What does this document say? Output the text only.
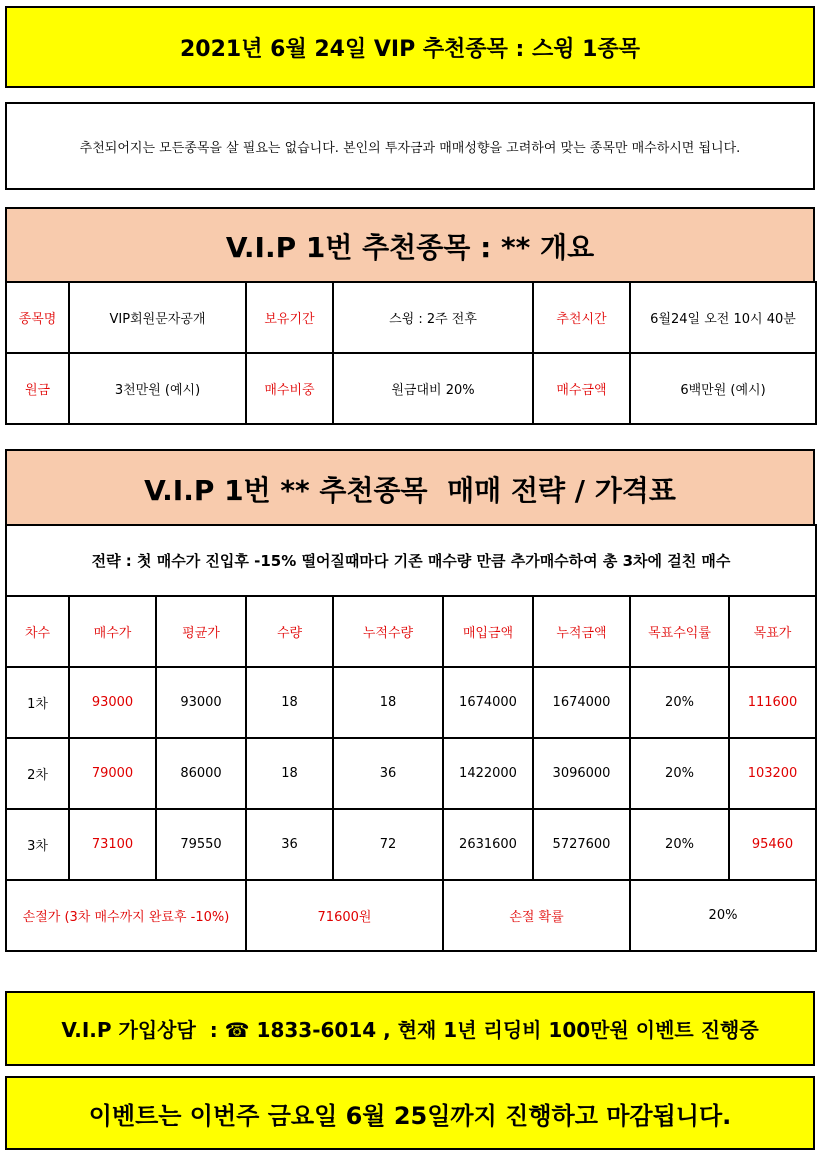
2021년 6월 24일 VIP 추천종목 : 스윙 1종목
추천되어지는 모든종목을 살 필요는 없습니다. 본인의 투자금과 매매성향을 고려하여 맞는 종목만 매수하시면 됩니다.
V.I.P 1번 추천종목 : ** 개요
종목명	VIP회원문자공개	보유기간	스윙 : 2주 전후	추천시간	6월24일 오전 10시 40분
원금	3천만원 (예시)	매수비중	원금대비 20%	매수금액	6백만원 (예시)
V.I.P 1번 ** 추천종목  매매 전략 / 가격표
전략 : 첫 매수가 진입후 -15% 떨어질때마다 기존 매수량 만큼 추가매수하여 총 3차에 걸친 매수								
차수	매수가	평균가	수량	누적수량	매입금액	누적금액	목표수익률	목표가
1차	93000	93000	18	18	1674000	1674000	20%	111600
2차	79000	86000	18	36	1422000	3096000	20%	103200
3차	73100	79550	36	72	2631600	5727600	20%	95460
손절가 (3차 매수까지 완료후 -10%)			71600원		손절 확률		20%	
V.I.P 가입상담  : ☎ 1833-6014 , 현재 1년 리딩비 100만원 이벤트 진행중
이벤트는 이번주 금요일 6월 25일까지 진행하고 마감됩니다.
